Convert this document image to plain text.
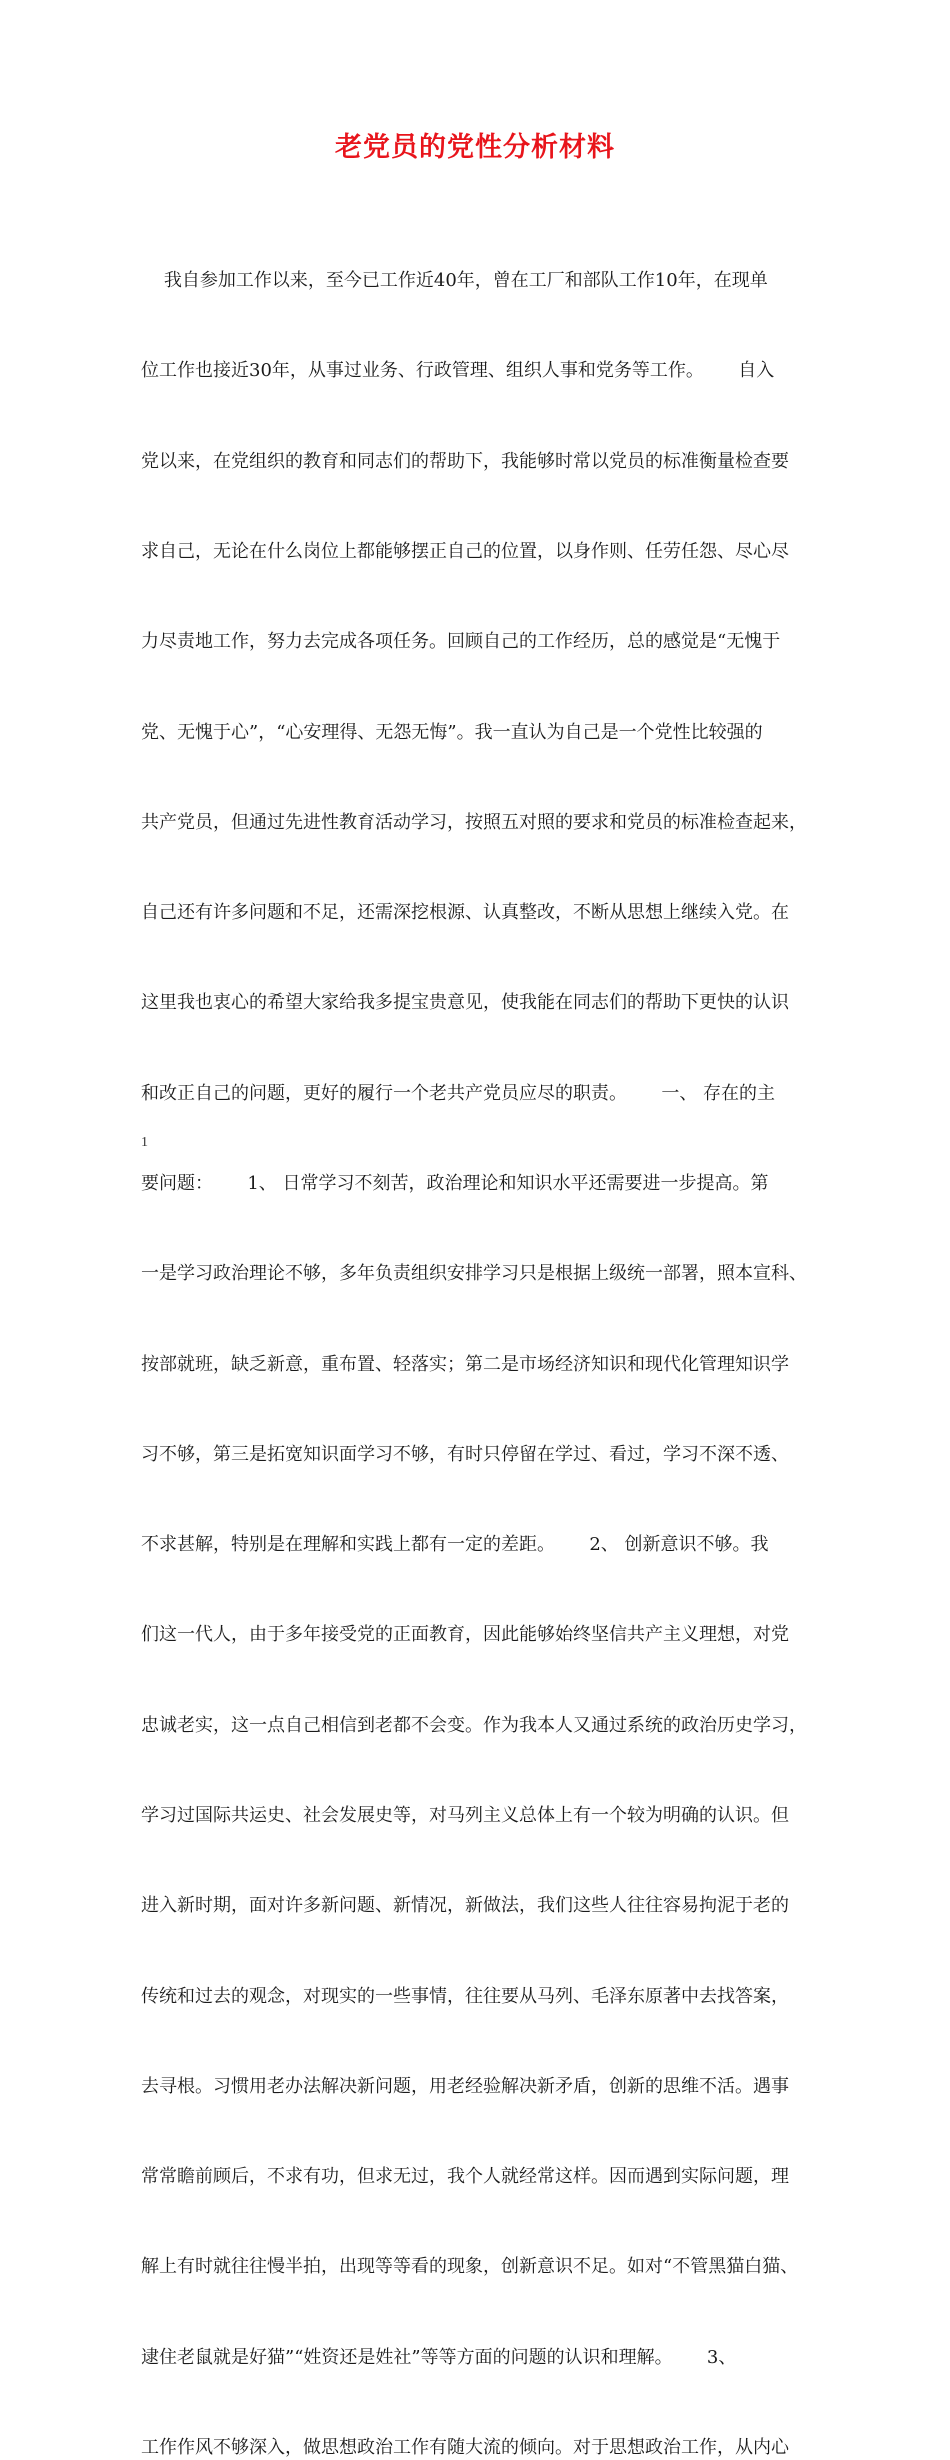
老党员的党性分析材料

我自参加工作以来，至今已工作近40年，曾在工厂和部队工作10年，在现单

位工作也接近30年，从事过业务、行政管理、组织人事和党务等工作。      自入

党以来，在党组织的教育和同志们的帮助下，我能够时常以党员的标准衡量检查要

求自己，无论在什么岗位上都能够摆正自己的位置，以身作则、任劳任怨、尽心尽

力尽责地工作，努力去完成各项任务。回顾自己的工作经历，总的感觉是“无愧于

党、无愧于心”，“心安理得、无怨无悔”。我一直认为自己是一个党性比较强的

共产党员，但通过先进性教育活动学习，按照五对照的要求和党员的标准检查起来，

自己还有许多问题和不足，还需深挖根源、认真整改，不断从思想上继续入党。在

这里我也衷心的希望大家给我多提宝贵意见，使我能在同志们的帮助下更快的认识

和改正自己的问题，更好的履行一个老共产党员应尽的职责。      一、 存在的主

要问题：      1、 日常学习不刻苦，政治理论和知识水平还需要进一步提高。第

一是学习政治理论不够，多年负责组织安排学习只是根据上级统一部署，照本宣科、

按部就班，缺乏新意，重布置、轻落实；第二是市场经济知识和现代化管理知识学

习不够，第三是拓宽知识面学习不够，有时只停留在学过、看过，学习不深不透、

不求甚解，特别是在理解和实践上都有一定的差距。      2、 创新意识不够。我

们这一代人，由于多年接受党的正面教育，因此能够始终坚信共产主义理想，对党

忠诚老实，这一点自己相信到老都不会变。作为我本人又通过系统的政治历史学习，

学习过国际共运史、社会发展史等，对马列主义总体上有一个较为明确的认识。但

进入新时期，面对许多新问题、新情况，新做法，我们这些人往往容易拘泥于老的

传统和过去的观念，对现实的一些事情，往往要从马列、毛泽东原著中去找答案，

去寻根。习惯用老办法解决新问题，用老经验解决新矛盾，创新的思维不活。遇事

常常瞻前顾后，不求有功，但求无过，我个人就经常这样。因而遇到实际问题，理

解上有时就往往慢半拍，出现等等看的现象，创新意识不足。如对“不管黑猫白猫、

逮住老鼠就是好猫”“姓资还是姓社”等等方面的问题的认识和理解。      3、

工作作风不够深入，做思想政治工作有随大流的倾向。对于思想政治工作，从内心

1
